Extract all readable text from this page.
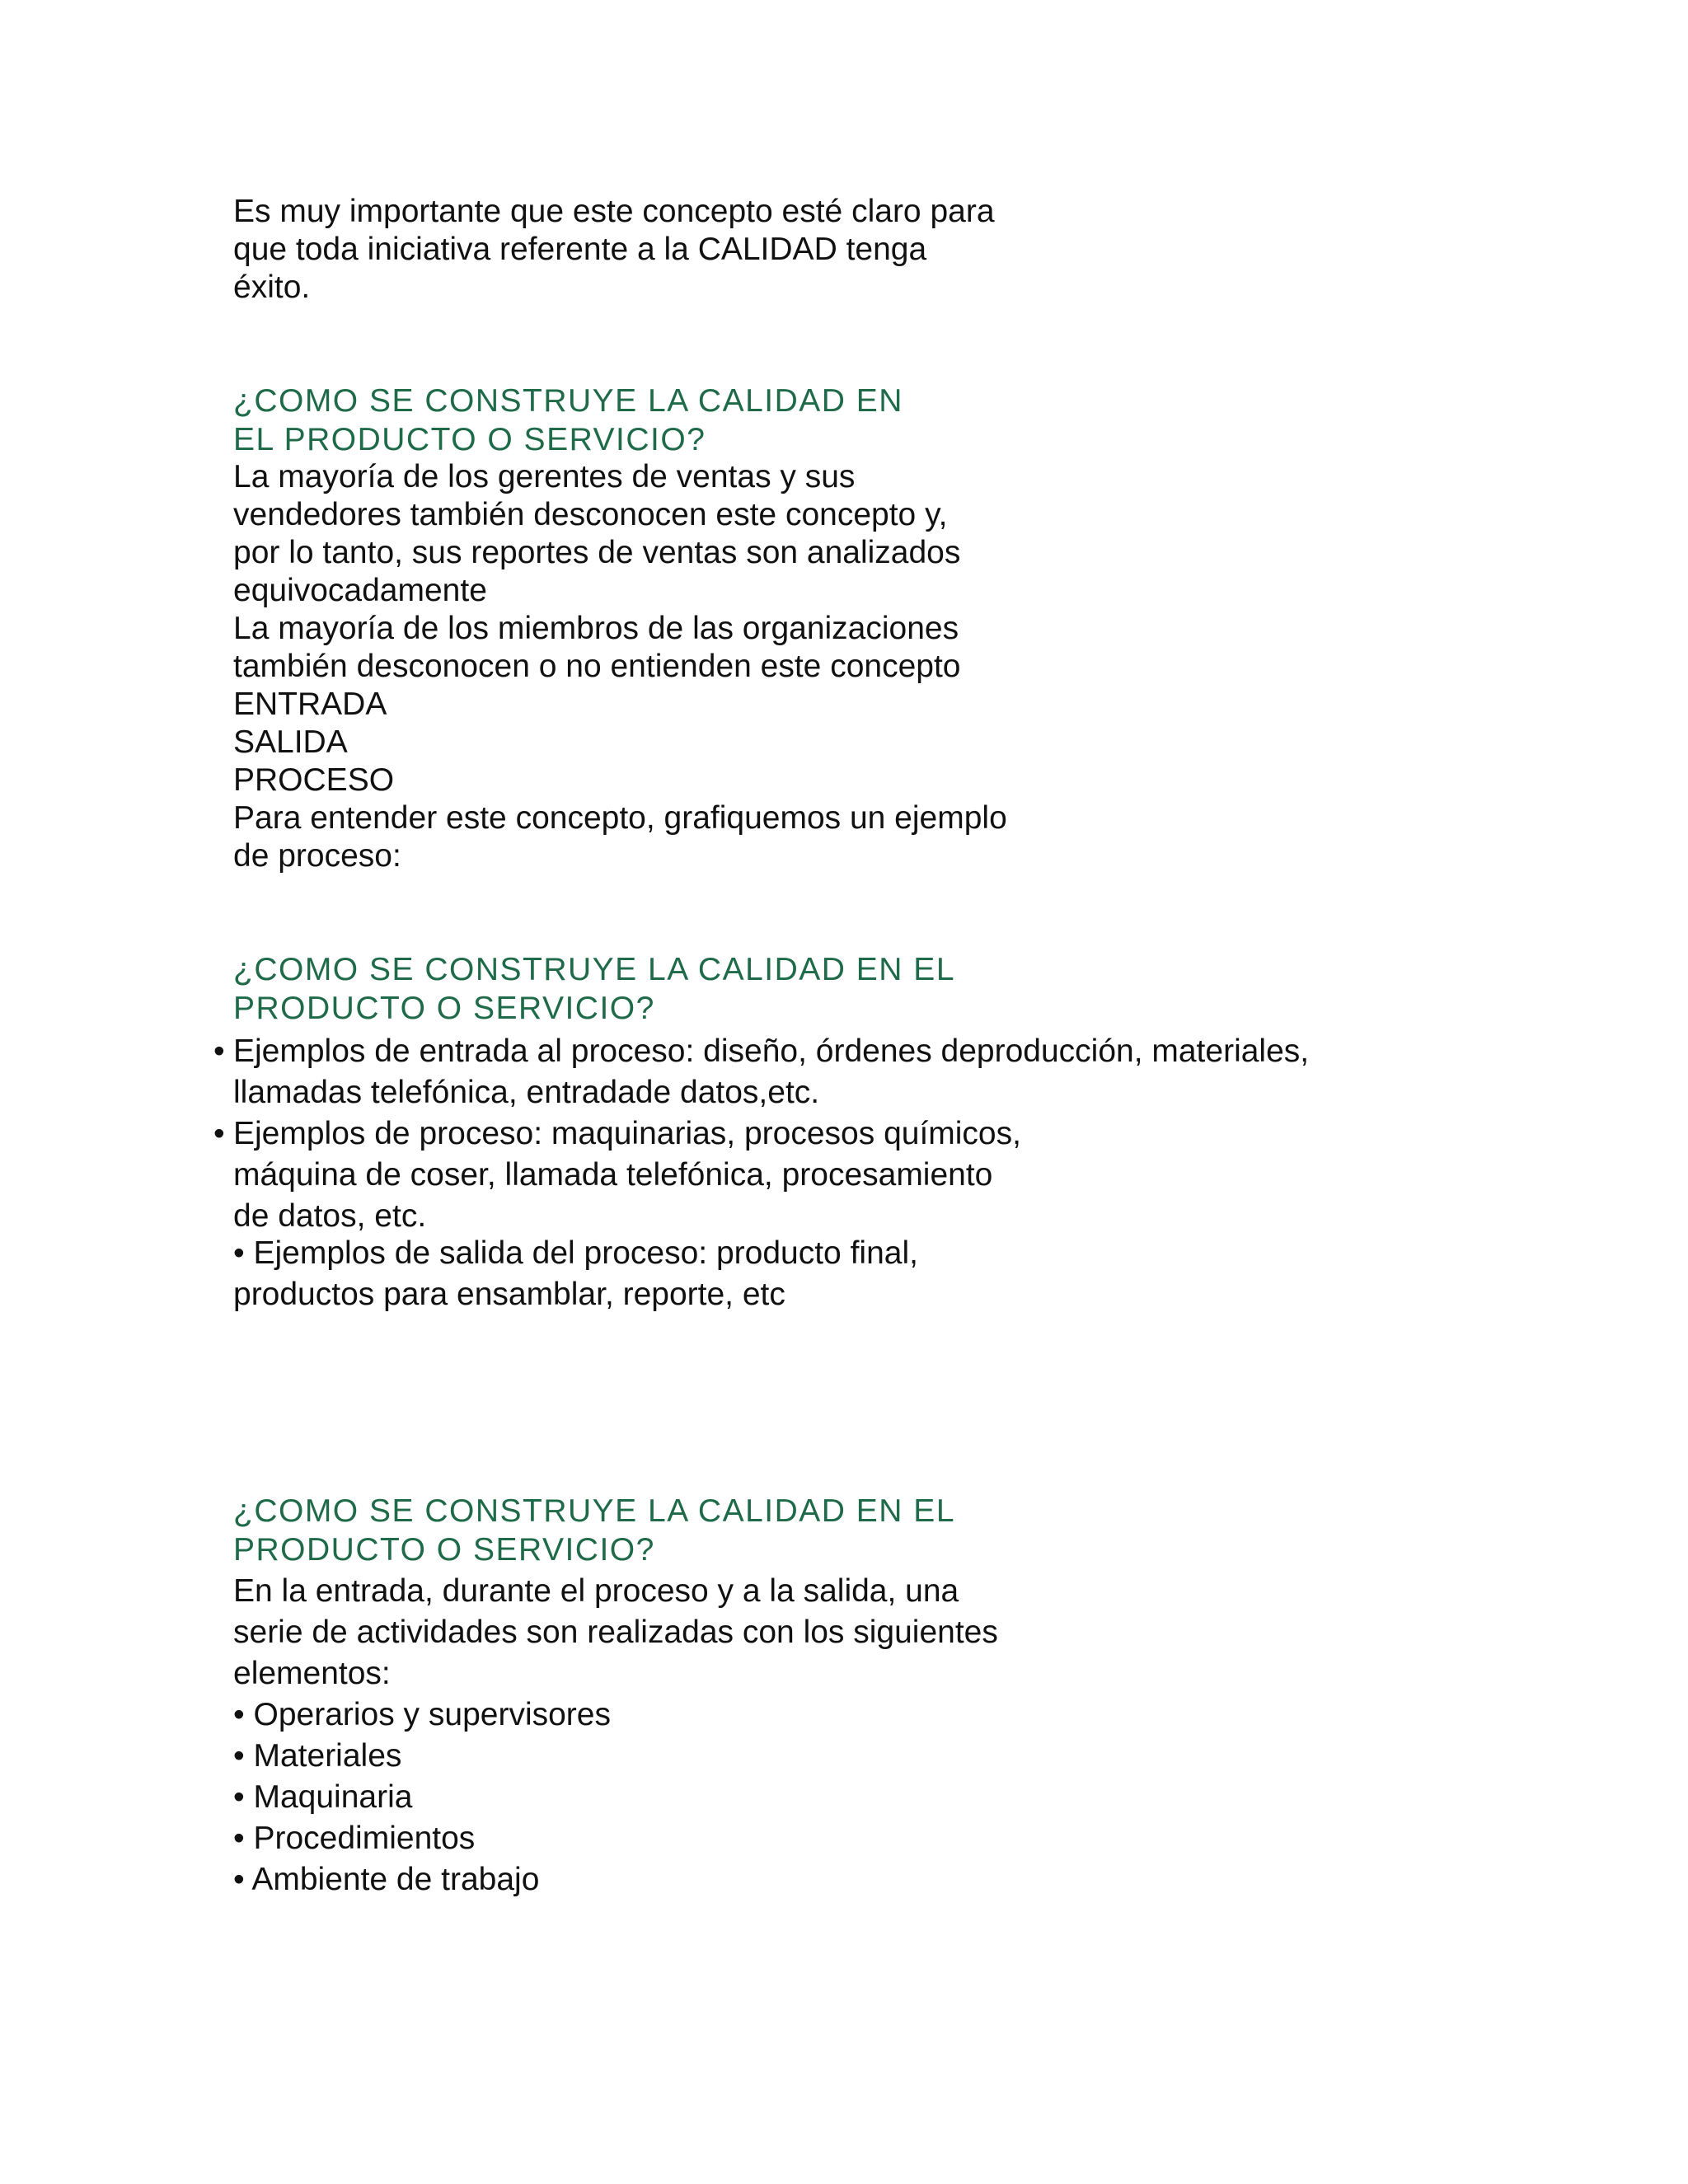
Es muy importante que este concepto esté claro para
que toda iniciativa referente a la CALIDAD tenga
éxito.
¿COMO SE CONSTRUYE LA CALIDAD EN
EL PRODUCTO O SERVICIO?
La mayoría de los gerentes de ventas y sus
vendedores también desconocen este concepto y,
por lo tanto, sus reportes de ventas son analizados
equivocadamente
La mayoría de los miembros de las organizaciones
también desconocen o no entienden este concepto
ENTRADA
SALIDA
PROCESO
Para entender este concepto, grafiquemos un ejemplo
de proceso:
¿COMO SE CONSTRUYE LA CALIDAD EN EL
PRODUCTO O SERVICIO?
• Ejemplos de entrada al proceso: diseño, órdenes deproducción, materiales,
llamadas telefónica, entradade datos,etc.
• Ejemplos de proceso: maquinarias, procesos químicos,
máquina de coser, llamada telefónica, procesamiento
de datos, etc.
• Ejemplos de salida del proceso: producto final,
productos para ensamblar, reporte, etc
¿COMO SE CONSTRUYE LA CALIDAD EN EL
PRODUCTO O SERVICIO?
En la entrada, durante el proceso y a la salida, una
serie de actividades son realizadas con los siguientes
elementos:
• Operarios y supervisores
• Materiales
• Maquinaria
• Procedimientos
• Ambiente de trabajo
